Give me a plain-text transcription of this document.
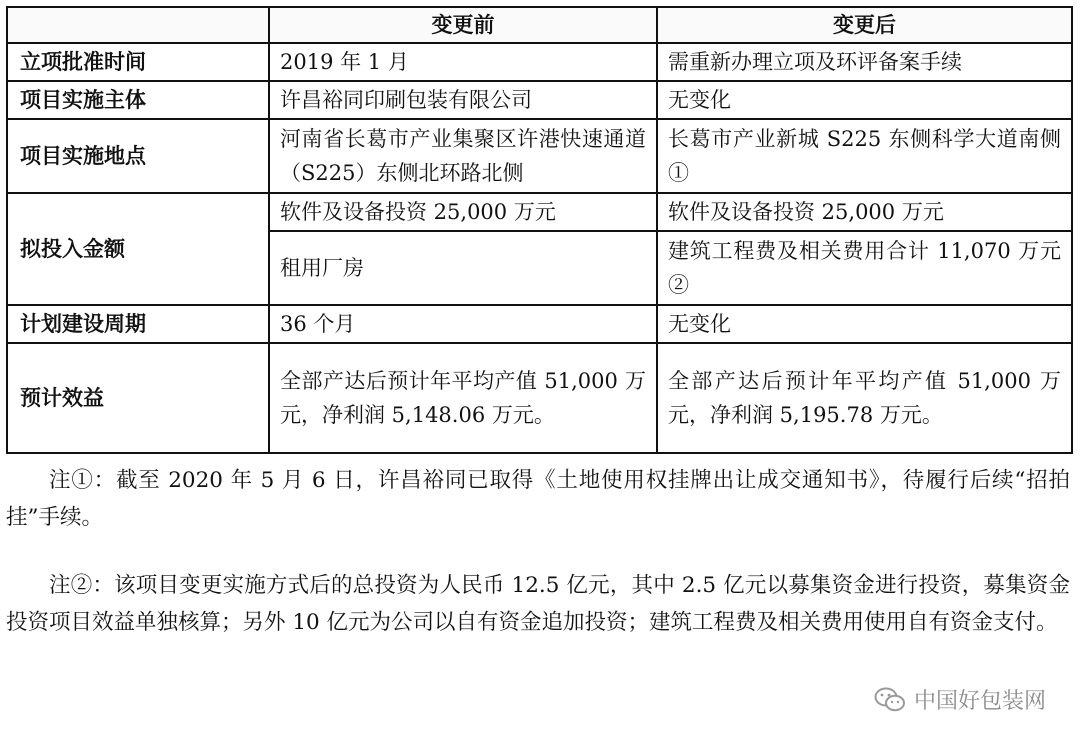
	变更前	变更后
立项批准时间	2019 年 1 月	需重新办理立项及环评备案手续
项目实施主体	许昌裕同印刷包装有限公司	无变化
项目实施地点	河南省长葛市产业集聚区许港快速通道（S225）东侧北环路北侧	长葛市产业新城 S225 东侧科学大道南侧①
拟投入金额	软件及设备投资 25,000 万元	软件及设备投资 25,000 万元
	租用厂房	建筑工程费及相关费用合计 11,070 万元②
计划建设周期	36 个月	无变化
预计效益	全部产达后预计年平均产值 51,000 万元，净利润 5,148.06 万元。	全部产达后预计年平均产值 51,000 万元，净利润 5,195.78 万元。

注①：截至 2020 年 5 月 6 日，许昌裕同已取得《土地使用权挂牌出让成交通知书》，待履行后续“招拍挂”手续。

注②：该项目变更实施方式后的总投资为人民币 12.5 亿元，其中 2.5 亿元以募集资金进行投资，募集资金投资项目效益单独核算；另外 10 亿元为公司以自有资金追加投资；建筑工程费及相关费用使用自有资金支付。

中国好包装网
